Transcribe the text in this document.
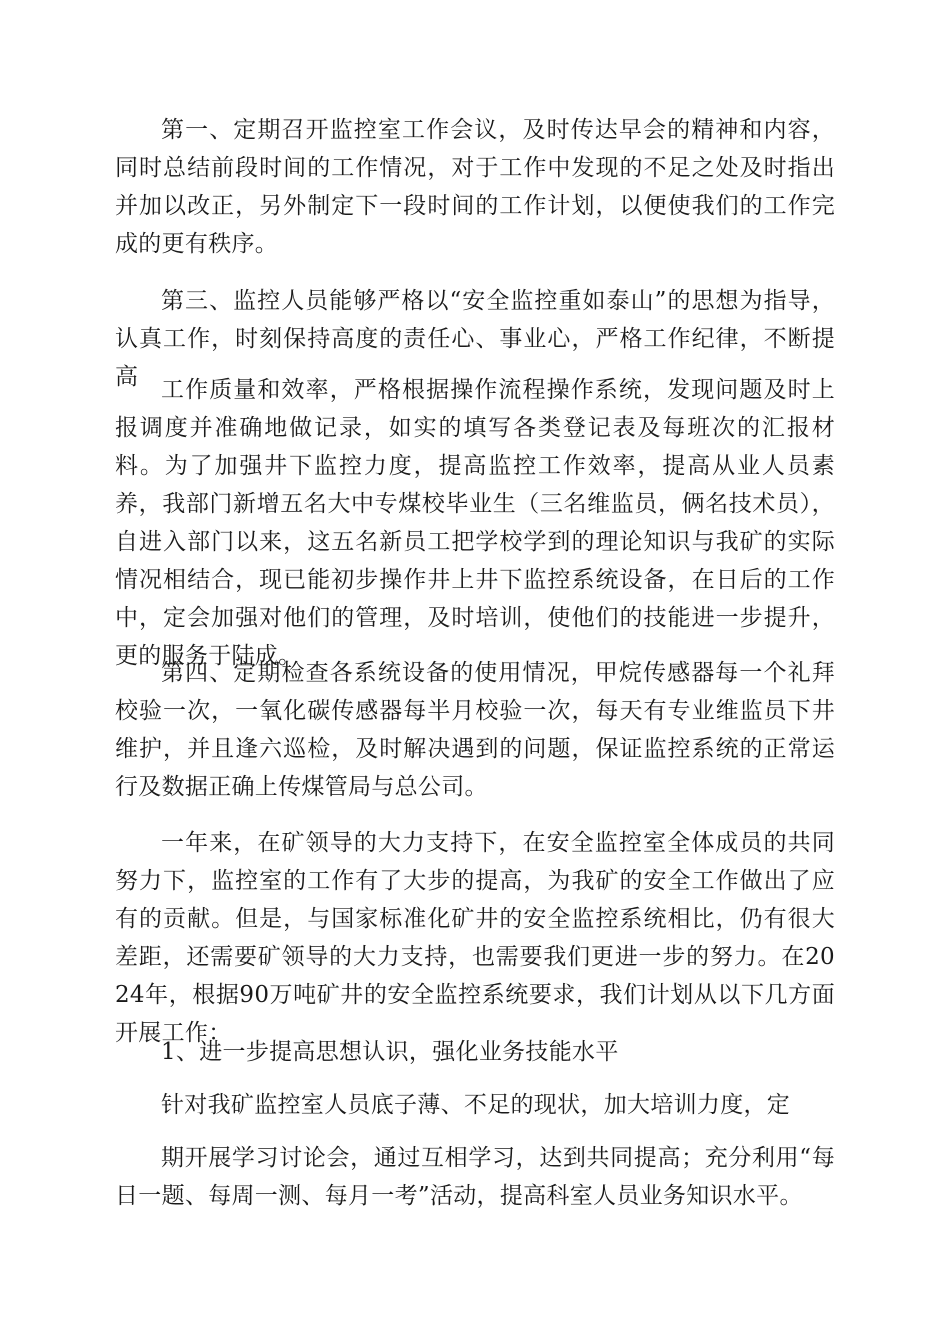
第一、定期召开监控室工作会议，及时传达早会的精神和内容，同时总结前段时间的工作情况，对于工作中发现的不足之处及时指出并加以改正，另外制定下一段时间的工作计划，以便使我们的工作完成的更有秩序。

第三、监控人员能够严格以“安全监控重如泰山”的思想为指导，认真工作，时刻保持高度的责任心、事业心，严格工作纪律，不断提高 工作质量和效率，严格根据操作流程操作系统，发现问题及时上报调度并准确地做记录，如实的填写各类登记表及每班次的汇报材料。为了加强井下监控力度，提高监控工作效率，提高从业人员素养，我部门新增五名大中专煤校毕业生（三名维监员，俩名技术员），自进入部门以来，这五名新员工把学校学到的理论知识与我矿的实际情况相结合，现已能初步操作井上井下监控系统设备，在日后的工作中，定会加强对他们的管理，及时培训，使他们的技能进一步提升，更的服务于陆成。

第四、定期检查各系统设备的使用情况，甲烷传感器每一个礼拜校验一次，一氧化碳传感器每半月校验一次，每天有专业维监员下井维护，并且逢六巡检，及时解决遇到的问题，保证监控系统的正常运行及数据正确上传煤管局与总公司。

一年来，在矿领导的大力支持下，在安全监控室全体成员的共同努力下，监控室的工作有了大步的提高，为我矿的安全工作做出了应有的贡献。但是，与国家标准化矿井的安全监控系统相比，仍有很大差距，还需要矿领导的大力支持，也需要我们更进一步的努力。在2024年，根据90万吨矿井的安全监控系统要求，我们计划从以下几方面开展工作：

1、进一步提高思想认识，强化业务技能水平

针对我矿监控室人员底子薄、不足的现状，加大培训力度，定

期开展学习讨论会，通过互相学习，达到共同提高；充分利用“每日一题、每周一测、每月一考”活动，提高科室人员业务知识水平。
